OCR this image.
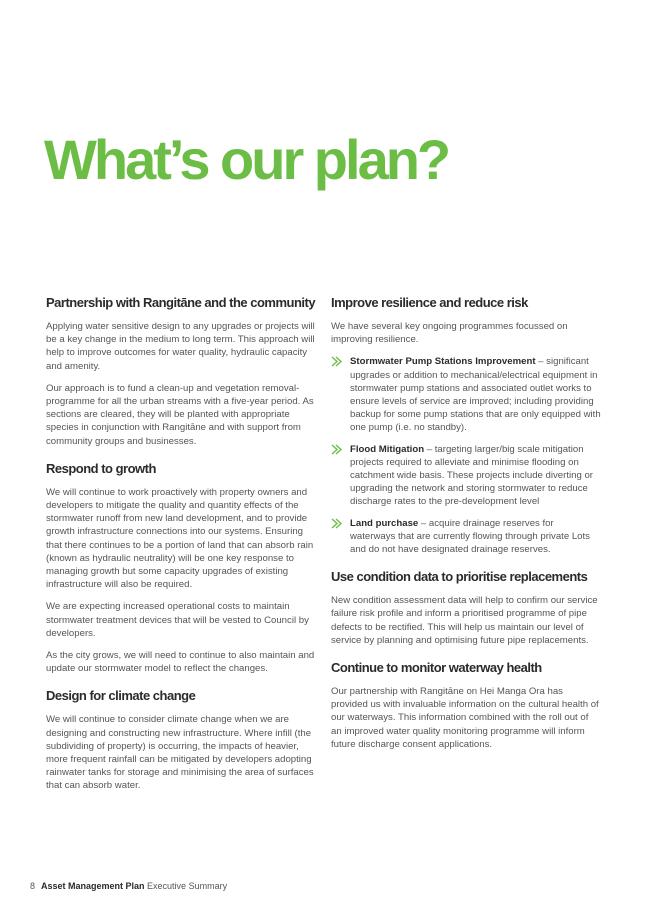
What’s our plan?
Partnership with Rangitāne and the community

Applying water sensitive design to any upgrades or projects will be a key change in the medium to long term. This approach will help to improve outcomes for water quality, hydraulic capacity and amenity.

Our approach is to fund a clean-up and vegetation removal-programme for all the urban streams with a five-year period. As sections are cleared, they will be planted with appropriate species in conjunction with Rangitāne and with support from community groups and businesses.

Respond to growth

We will continue to work proactively with property owners and developers to mitigate the quality and quantity effects of the stormwater runoff from new land development, and to provide growth infrastructure connections into our systems. Ensuring that there continues to be a portion of land that can absorb rain (known as hydraulic neutrality) will be one key response to managing growth but some capacity upgrades of existing infrastructure will also be required.

We are expecting increased operational costs to maintain stormwater treatment devices that will be vested to Council by developers.

As the city grows, we will need to continue to also maintain and update our stormwater model to reflect the changes.

Design for climate change

We will continue to consider climate change when we are designing and constructing new infrastructure. Where infill (the subdividing of property) is occurring, the impacts of heavier, more frequent rainfall can be mitigated by developers adopting rainwater tanks for storage and minimising the area of surfaces that can absorb water.

Improve resilience and reduce risk

We have several key ongoing programmes focussed on improving resilience.

Stormwater Pump Stations Improvement – significant upgrades or addition to mechanical/electrical equipment in stormwater pump stations and associated outlet works to ensure levels of service are improved; including providing backup for some pump stations that are only equipped with one pump (i.e. no standby).
Flood Mitigation – targeting larger/big scale mitigation projects required to alleviate and minimise flooding on catchment wide basis. These projects include diverting or upgrading the network and storing stormwater to reduce discharge rates to the pre-development level
Land purchase – acquire drainage reserves for waterways that are currently flowing through private Lots and do not have designated drainage reserves.
Use condition data to prioritise replacements

New condition assessment data will help to confirm our service failure risk profile and inform a prioritised programme of pipe defects to be rectified. This will help us maintain our level of service by planning and optimising future pipe replacements.

Continue to monitor waterway health

Our partnership with Rangitāne on Hei Manga Ora has provided us with invaluable information on the cultural health of our waterways. This information combined with the roll out of an improved water quality monitoring programme will inform future discharge consent applications.

8 Asset Management Plan Executive Summary
